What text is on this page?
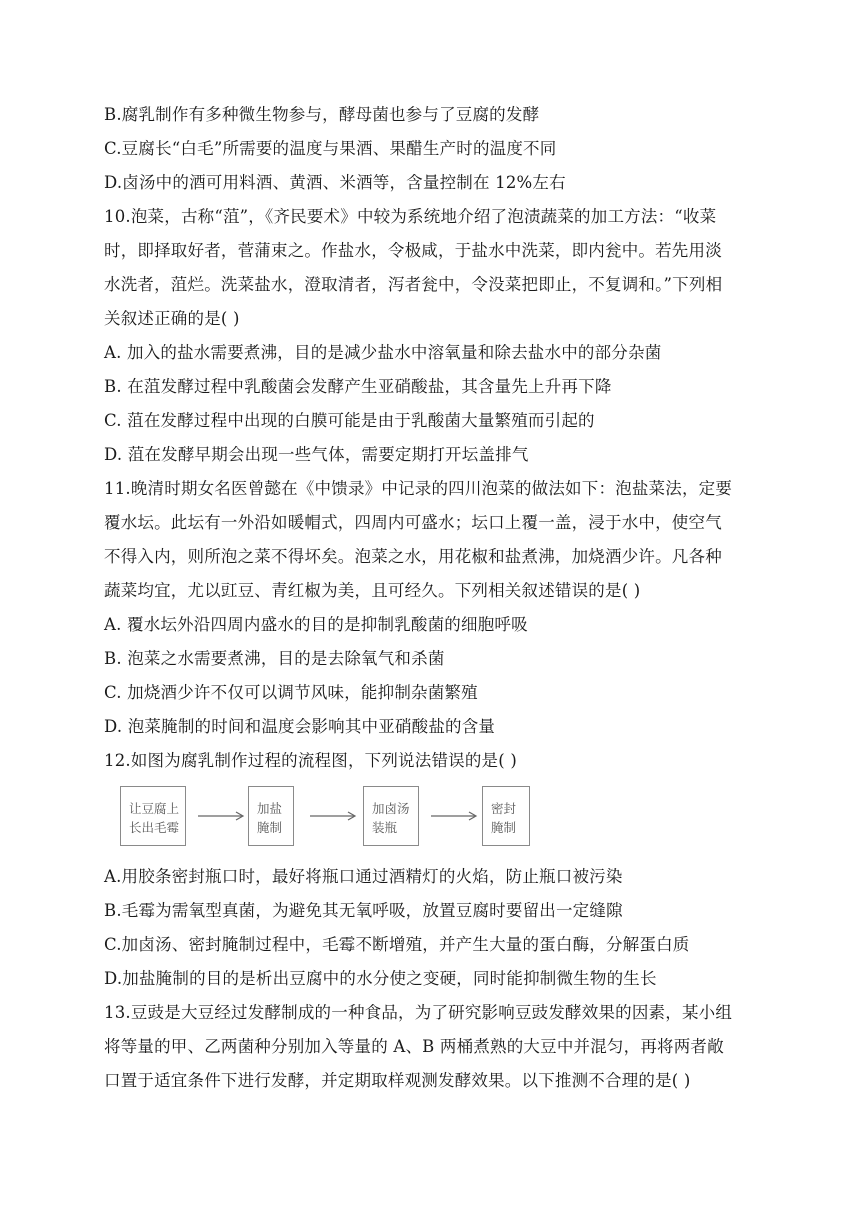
B.腐乳制作有多种微生物参与，酵母菌也参与了豆腐的发酵
C.豆腐长“白毛”所需要的温度与果酒、果醋生产时的温度不同
D.卤汤中的酒可用料酒、黄酒、米酒等，含量控制在 12%左右
10.泡菜，古称“菹”，《齐民要术》中较为系统地介绍了泡渍蔬菜的加工方法：“收菜
时，即择取好者，菅蒲束之。作盐水，令极咸，于盐水中洗菜，即内瓮中。若先用淡
水洗者，菹烂。洗菜盐水，澄取清者，泻者瓮中，令没菜把即止，不复调和。”下列相
关叙述正确的是( )
A. 加入的盐水需要煮沸，目的是减少盐水中溶氧量和除去盐水中的部分杂菌
B. 在菹发酵过程中乳酸菌会发酵产生亚硝酸盐，其含量先上升再下降
C. 菹在发酵过程中出现的白膜可能是由于乳酸菌大量繁殖而引起的
D. 菹在发酵早期会出现一些气体，需要定期打开坛盖排气
11.晚清时期女名医曾懿在《中馈录》中记录的四川泡菜的做法如下：泡盐菜法，定要
覆水坛。此坛有一外沿如暖帽式，四周内可盛水；坛口上覆一盖，浸于水中，使空气
不得入内，则所泡之菜不得坏矣。泡菜之水，用花椒和盐煮沸，加烧酒少许。凡各种
蔬菜均宜，尤以豇豆、青红椒为美，且可经久。下列相关叙述错误的是( )
A. 覆水坛外沿四周内盛水的目的是抑制乳酸菌的细胞呼吸
B. 泡菜之水需要煮沸，目的是去除氧气和杀菌
C. 加烧酒少许不仅可以调节风味，能抑制杂菌繁殖
D. 泡菜腌制的时间和温度会影响其中亚硝酸盐的含量
12.如图为腐乳制作过程的流程图，下列说法错误的是( )
让豆腐上
长出毛霉
加盐
腌制
加卤汤
装瓶
密封
腌制
A.用胶条密封瓶口时，最好将瓶口通过酒精灯的火焰，防止瓶口被污染
B.毛霉为需氧型真菌，为避免其无氧呼吸，放置豆腐时要留出一定缝隙
C.加卤汤、密封腌制过程中，毛霉不断增殖，并产生大量的蛋白酶，分解蛋白质
D.加盐腌制的目的是析出豆腐中的水分使之变硬，同时能抑制微生物的生长
13.豆豉是大豆经过发酵制成的一种食品，为了研究影响豆豉发酵效果的因素，某小组
将等量的甲、乙两菌种分别加入等量的 A、B 两桶煮熟的大豆中并混匀，再将两者敞
口置于适宜条件下进行发酵，并定期取样观测发酵效果。以下推测不合理的是( )
